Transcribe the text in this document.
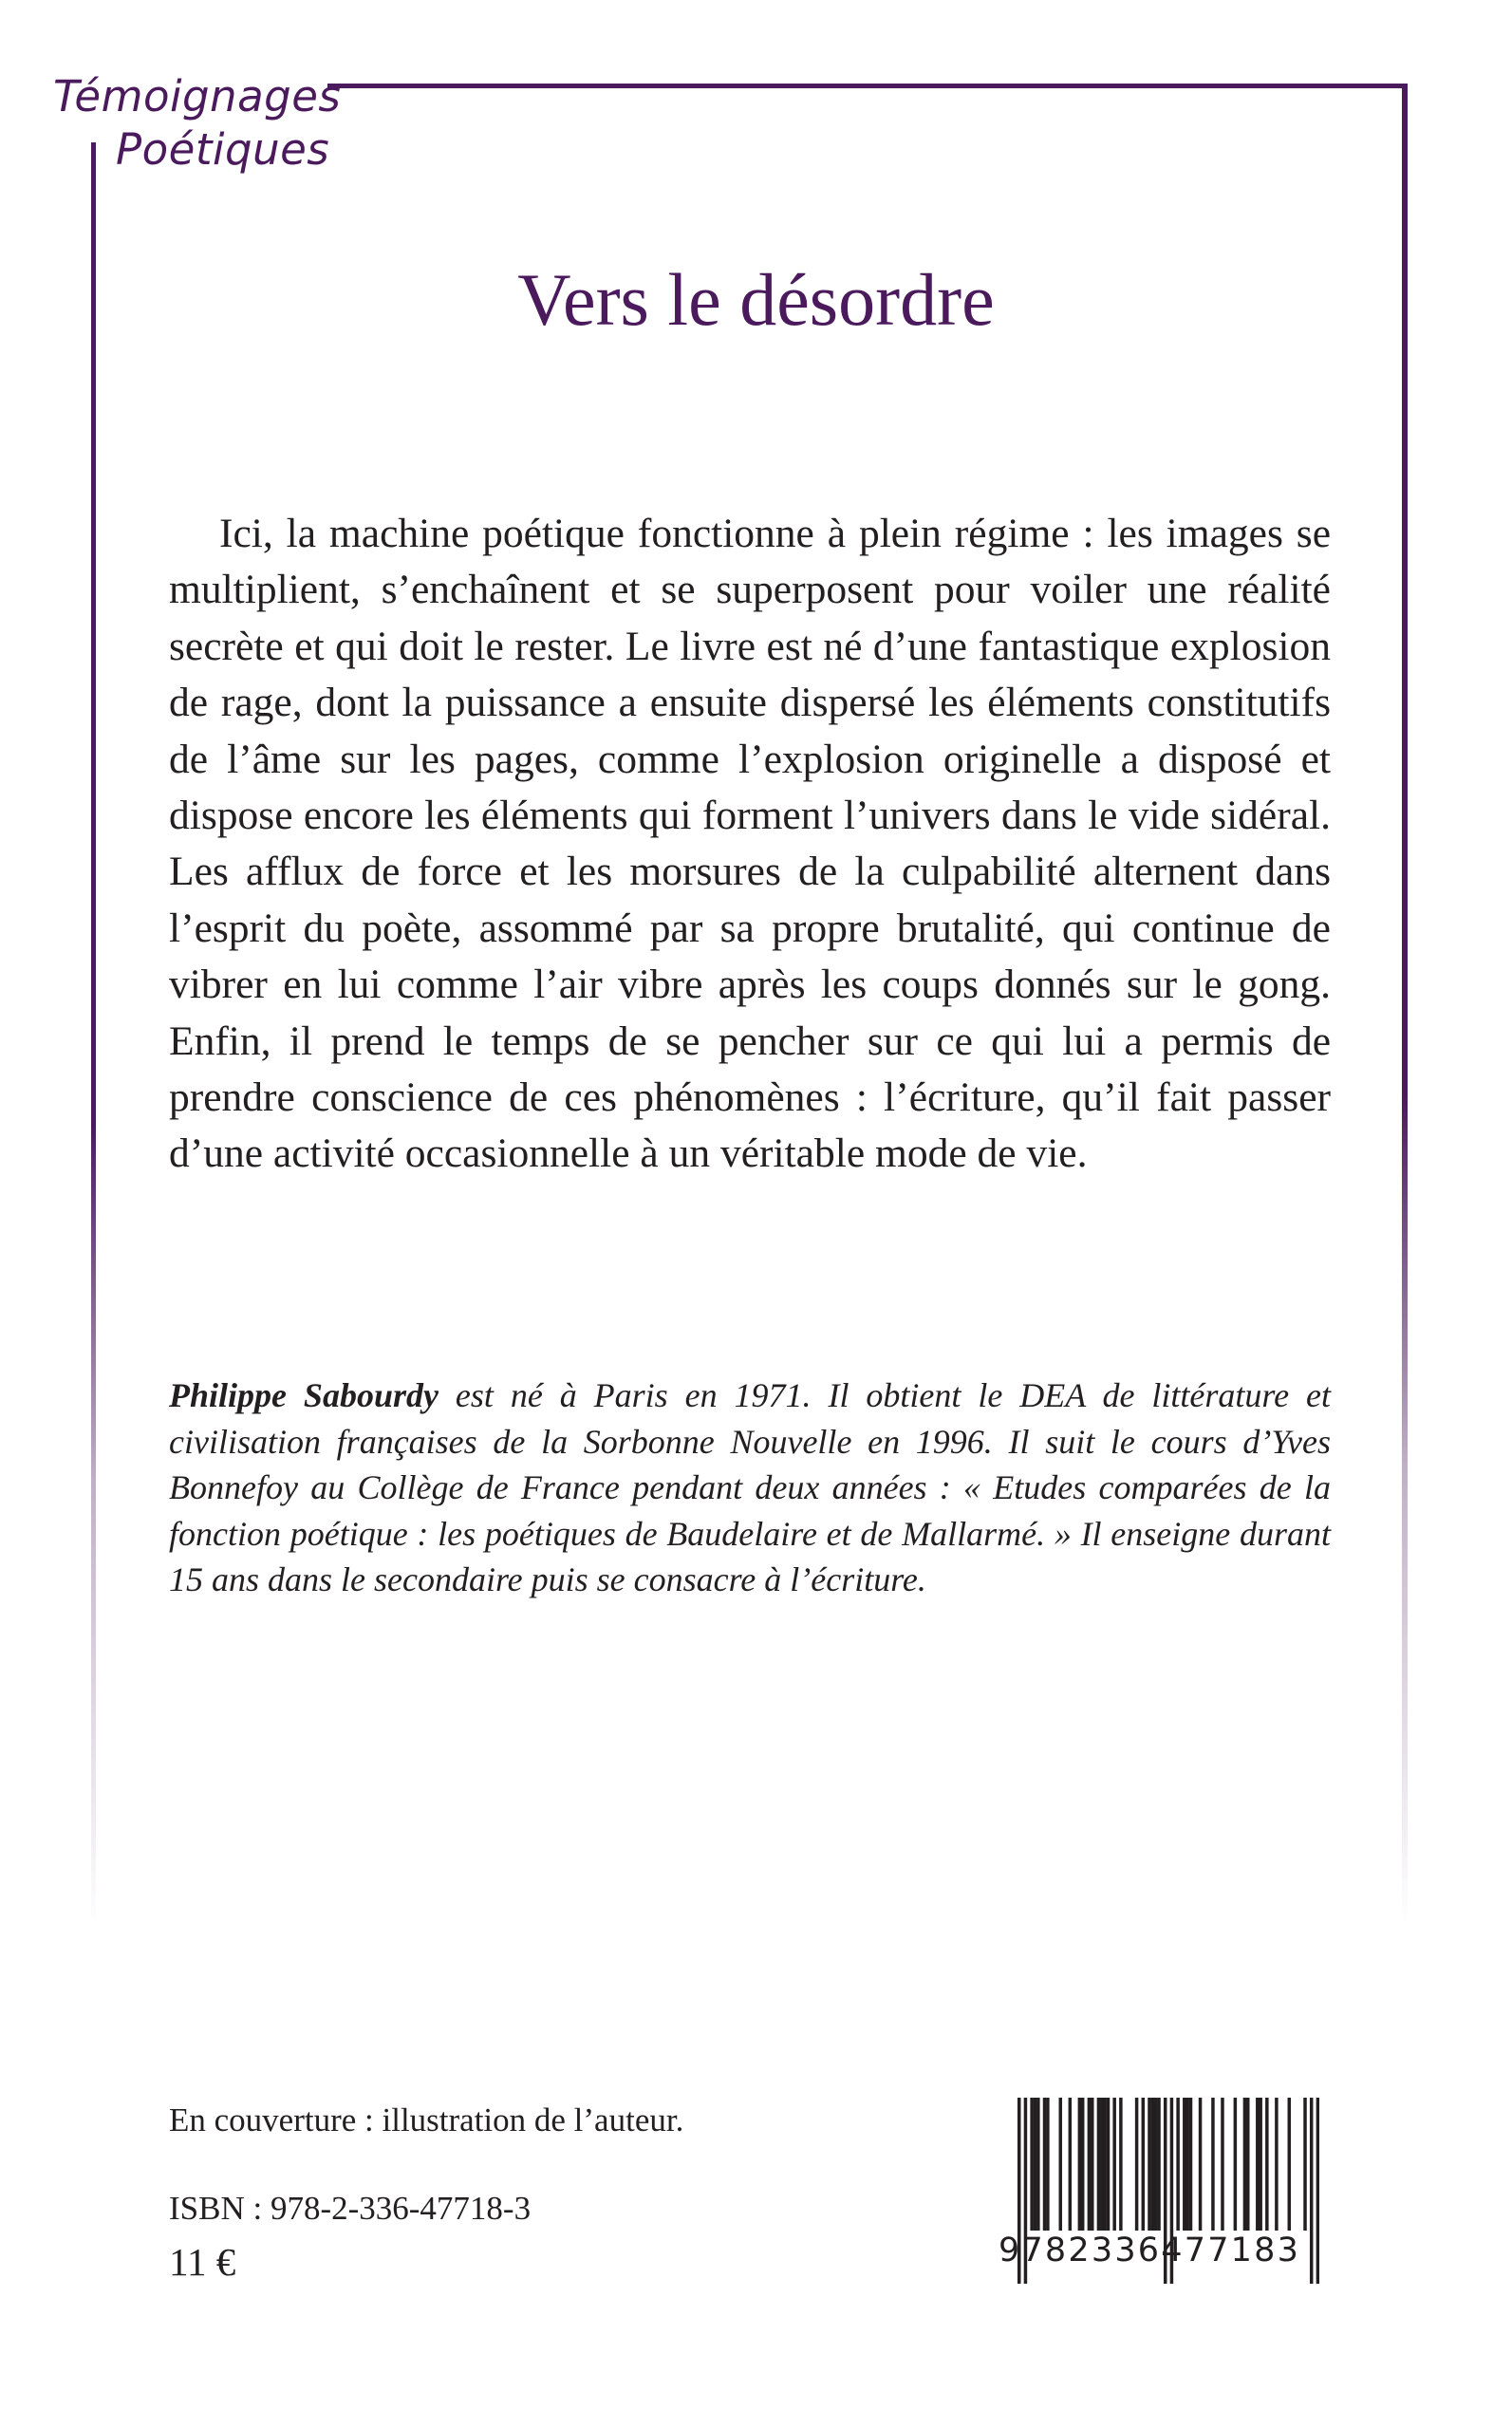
Témoignages
Poétiques
Vers le désordre
Ici, la machine poétique fonctionne à plein régime : les images se multiplient, s’enchaînent et se superposent pour voiler une réalité secrète et qui doit le rester. Le livre est né d’une fantastique explosion de rage, dont la puissance a ensuite dispersé les éléments constitutifs de l’âme sur les pages, comme l’explosion originelle a disposé et dispose encore les éléments qui forment l’univers dans le vide sidéral. Les afflux de force et les morsures de la culpabilité alternent dans l’esprit du poète, assommé par sa propre brutalité, qui continue de vibrer en lui comme l’air vibre après les coups donnés sur le gong. Enfin, il prend le temps de se pencher sur ce qui lui a permis de prendre conscience de ces phénomènes : l’écriture, qu’il fait passer d’une activité occasionnelle à un véritable mode de vie.
Philippe Sabourdy est né à Paris en 1971. Il obtient le DEA de littérature et civilisation françaises de la Sorbonne Nouvelle en 1996. Il suit le cours d’Yves Bonnefoy au Collège de France pendant deux années : « Etudes comparées de la fonction poétique : les poétiques de Baudelaire et de Mallarmé. » Il enseigne durant 15 ans dans le secondaire puis se consacre à l’écriture.
En couverture : illustration de l’auteur.
ISBN : 978-2-336-47718-3
11 €	9782336477183
